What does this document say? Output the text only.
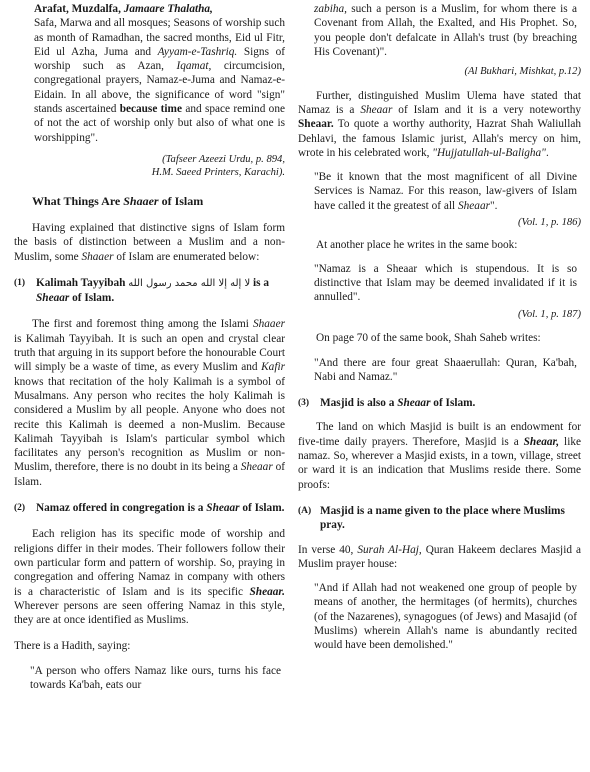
Arafat, Muzdalfa, Jamaare Thalatha,
Safa, Marwa and all mosques; Seasons of worship such as month of Ramadhan, the sacred months, Eid ul Fitr, Eid ul Azha, Juma and Ayyam-e-Tashriq. Signs of worship such as Azan, Iqamat, circumcision, congregational prayers, Namaz-e-Juma and Namaz-e-Eidain. In all above, the significance of word "sign" stands ascertained because time and space remind one of not the act of worship only but also of what one is worshipping".

(Tafseer Azeezi Urdu, p. 894,
H.M. Saeed Printers, Karachi).

What Things Are Shaaer of Islam

Having explained that distinctive signs of Islam form the basis of distinction between a Muslim and a non-Muslim, some Shaaer of Islam are enumerated below:

(1) Kalimah Tayyibah لا إله إلا الله محمد رسول الله is a Sheaar of Islam.

The first and foremost thing among the Islami Shaaer is Kalimah Tayyibah. It is such an open and crystal clear truth that arguing in its support before the honourable Court will simply be a waste of time, as every Muslim and Kafir knows that recitation of the holy Kalimah is a symbol of Musalmans. Any person who recites the holy Kalimah is considered a Muslim by all people. Anyone who does not recite this Kalimah is deemed a non-Muslim. Because Kalimah Tayyibah is Islam's particular symbol which facilitates any person's recognition as Muslim or non-Muslim, therefore, there is no doubt in its being a Sheaar of Islam.

(2) Namaz offered in congregation is a Sheaar of Islam.

Each religion has its specific mode of worship and religions differ in their modes. Their followers follow their own particular form and pattern of worship. So, praying in congregation and offering Namaz in company with others is a characteristic of Islam and is its specific Sheaar. Wherever persons are seen offering Namaz in this style, they are at once identified as Muslims.

There is a Hadith, saying:

"A person who offers Namaz like ours, turns his face towards Ka'bah, eats our

zabiha, such a person is a Muslim, for whom there is a Covenant from Allah, the Exalted, and His Prophet. So, you people don't defalcate in Allah's trust (by breaching His Covenant)".

(Al Bukhari, Mishkat, p.12)

Further, distinguished Muslim Ulema have stated that Namaz is a Sheaar of Islam and it is a very noteworthy Sheaar. To quote a worthy authority, Hazrat Shah Waliullah Dehlavi, the famous Islamic jurist, Allah's mercy on him, wrote in his celebrated work, "Hujjatullah-ul-Baligha".

"Be it known that the most magnificent of all Divine Services is Namaz. For this reason, law-givers of Islam have called it the greatest of all Sheaar".

(Vol. 1, p. 186)

At another place he writes in the same book:

"Namaz is a Sheaar which is stupendous. It is so distinctive that Islam may be deemed invalidated if it is annulled".

(Vol. 1, p. 187)

On page 70 of the same book, Shah Saheb writes:

"And there are four great Shaaerullah: Quran, Ka'bah, Nabi and Namaz."

(3) Masjid is also a Sheaar of Islam.

The land on which Masjid is built is an endowment for five-time daily prayers. Therefore, Masjid is a Sheaar, like namaz. So, wherever a Masjid exists, in a town, village, street or ward it is an indication that Muslims reside there. Some proofs:

(A) Masjid is a name given to the place where Muslims pray.

In verse 40, Surah Al-Haj, Quran Hakeem declares Masjid a Muslim prayer house:

"And if Allah had not weakened one group of people by means of another, the hermitages (of hermits), churches (of the Nazarenes), synagogues (of Jews) and Masajid (of Muslims) wherein Allah's name is abundantly recited would have been demolished."
